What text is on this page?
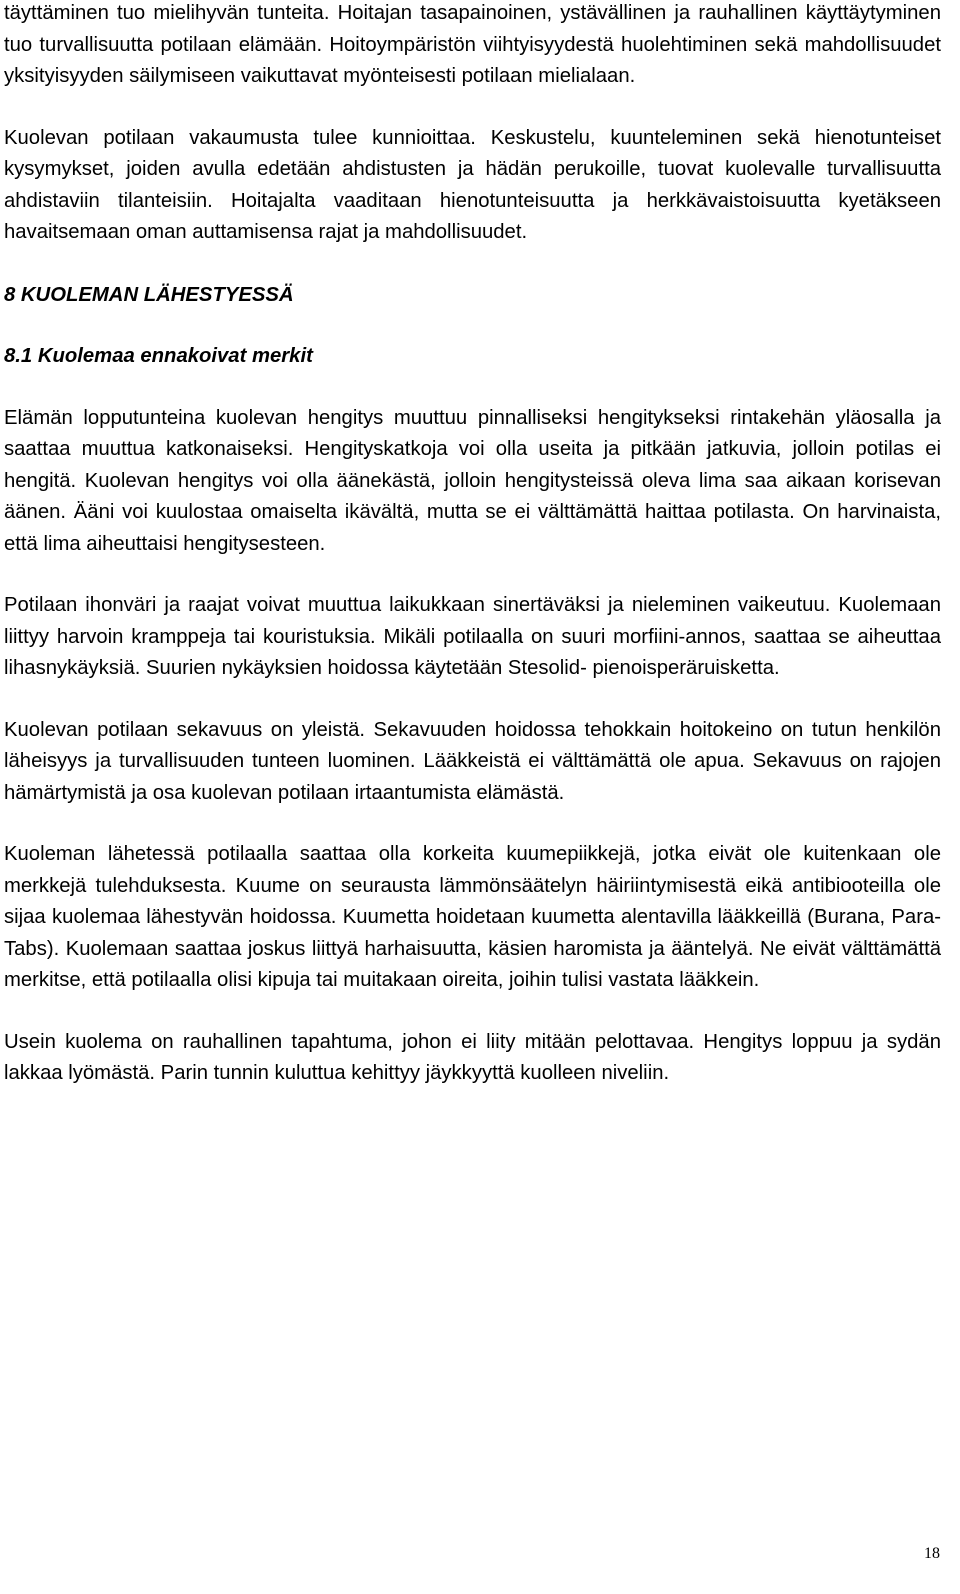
täyttäminen tuo mielihyvän tunteita. Hoitajan tasapainoinen, ystävällinen ja rauhallinen käyttäytyminen tuo turvallisuutta potilaan elämään. Hoitoympäristön viihtyisyydestä huolehtiminen sekä mahdollisuudet yksityisyyden säilymiseen vaikuttavat myönteisesti potilaan mielialaan.

Kuolevan potilaan vakaumusta tulee kunnioittaa. Keskustelu, kuunteleminen sekä hienotunteiset kysymykset, joiden avulla edetään ahdistusten ja hädän perukoille, tuovat kuolevalle turvallisuutta ahdistaviin tilanteisiin. Hoitajalta vaaditaan hienotunteisuutta ja herkkävaistoisuutta kyetäkseen havaitsemaan oman auttamisensa rajat ja mahdollisuudet.

8 KUOLEMAN LÄHESTYESSÄ
8.1 Kuolemaa ennakoivat merkit

Elämän lopputunteina kuolevan hengitys muuttuu pinnalliseksi hengitykseksi rintakehän yläosalla ja saattaa muuttua katkonaiseksi. Hengityskatkoja voi olla useita ja pitkään jatkuvia, jolloin potilas ei hengitä. Kuolevan hengitys voi olla äänekästä, jolloin hengitysteissä oleva lima saa aikaan korisevan äänen. Ääni voi kuulostaa omaiselta ikävältä, mutta se ei välttämättä haittaa potilasta. On harvinaista, että lima aiheuttaisi hengitysesteen.

Potilaan ihonväri ja raajat voivat muuttua laikukkaan sinertäväksi ja nieleminen vaikeutuu. Kuolemaan liittyy harvoin kramppeja tai kouristuksia. Mikäli potilaalla on suuri morfiini-annos, saattaa se aiheuttaa lihasnykäyksiä. Suurien nykäyksien hoidossa käytetään Stesolid- pienoisperäruisketta.

Kuolevan potilaan sekavuus on yleistä. Sekavuuden hoidossa tehokkain hoitokeino on tutun henkilön läheisyys ja turvallisuuden tunteen luominen. Lääkkeistä ei välttämättä ole apua. Sekavuus on rajojen hämärtymistä ja osa kuolevan potilaan irtaantumista elämästä.

Kuoleman lähetessä potilaalla saattaa olla korkeita kuumepiikkejä, jotka eivät ole kuitenkaan ole merkkejä tulehduksesta. Kuume on seurausta lämmönsäätelyn häiriintymisestä eikä antibiooteilla ole sijaa kuolemaa lähestyvän hoidossa. Kuumetta hoidetaan kuumetta alentavilla lääkkeillä (Burana, Para-Tabs). Kuolemaan saattaa joskus liittyä harhaisuutta, käsien haromista ja ääntelyä. Ne eivät välttämättä merkitse, että potilaalla olisi kipuja tai muitakaan oireita, joihin tulisi vastata lääkkein.

Usein kuolema on rauhallinen tapahtuma, johon ei liity mitään pelottavaa. Hengitys loppuu ja sydän lakkaa lyömästä. Parin tunnin kuluttua kehittyy jäykkyyttä kuolleen niveliin.

18
